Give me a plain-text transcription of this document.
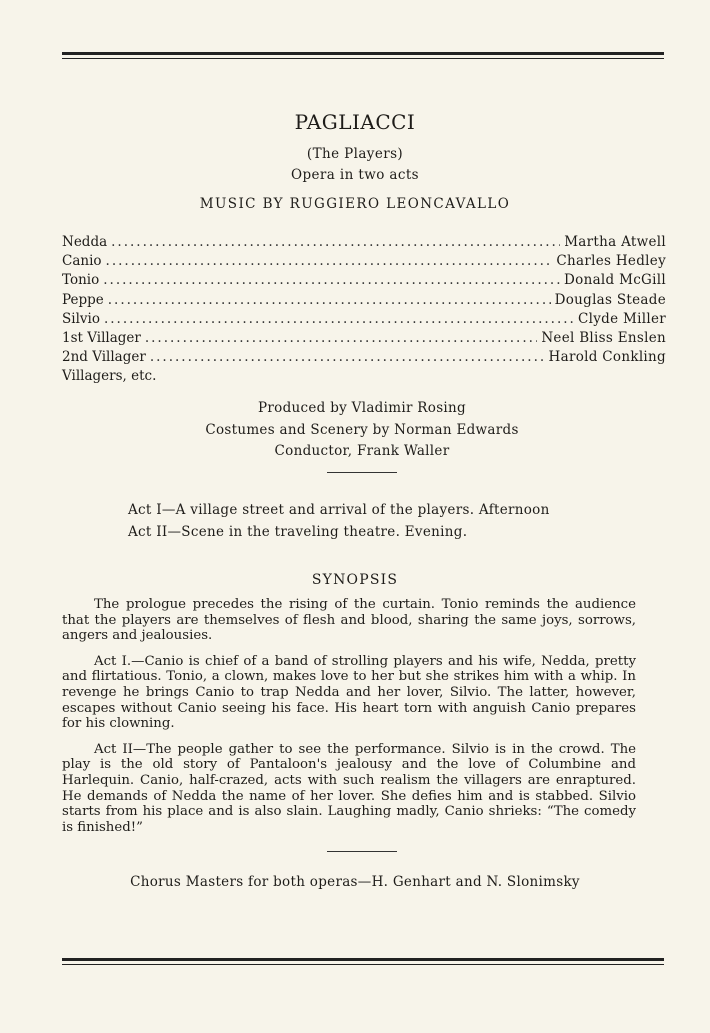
PAGLIACCI
(The Players)
Opera in two acts
MUSIC BY RUGGIERO LEONCAVALLO
Nedda .....	Martha Atwell
Canio .....	Charles Hedley
Tonio .....	Donald McGill
Peppe .....	Douglas Steade
Silvio .....	Clyde Miller
1st Villager .....	Neel Bliss Enslen
2nd Villager .....	Harold Conkling
Villagers, etc.
Produced by Vladimir Rosing
Costumes and Scenery by Norman Edwards
Conductor, Frank Waller
Act I—A village street and arrival of the players. Afternoon
Act II—Scene in the traveling theatre. Evening.
SYNOPSIS

The prologue precedes the rising of the curtain. Tonio reminds the audience that the players are themselves of flesh and blood, sharing the same joys, sorrows, angers and jealousies.

Act I.—Canio is chief of a band of strolling players and his wife, Nedda, pretty and flirtatious. Tonio, a clown, makes love to her but she strikes him with a whip. In revenge he brings Canio to trap Nedda and her lover, Silvio. The latter, however, escapes without Canio seeing his face. His heart torn with anguish Canio prepares for his clowning.

Act II—The people gather to see the performance. Silvio is in the crowd. The play is the old story of Pantaloon's jealousy and the love of Columbine and Harlequin. Canio, half-crazed, acts with such realism the villagers are enraptured. He demands of Nedda the name of her lover. She defies him and is stabbed. Silvio starts from his place and is also slain. Laughing madly, Canio shrieks: “The comedy is finished!”

Chorus Masters for both operas—H. Genhart and N. Slonimsky
